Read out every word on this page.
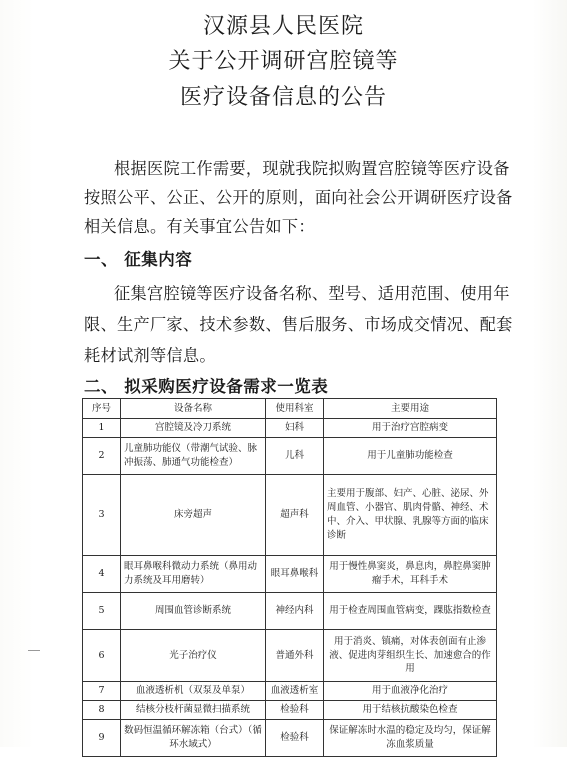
汉源县人民医院
关于公开调研宫腔镜等
医疗设备信息的公告
根据医院工作需要，现就我院拟购置宫腔镜等医疗设备
按照公平、公正、公开的原则，面向社会公开调研医疗设备
相关信息。有关事宜公告如下：
一、 征集内容
征集宫腔镜等医疗设备名称、型号、适用范围、使用年
限、生产厂家、技术参数、售后服务、市场成交情况、配套
耗材试剂等信息。
二、 拟采购医疗设备需求一览表
序号	设备名称	使用科室	主要用途
1	宫腔镜及冷刀系统	妇科	用于治疗宫腔病变
2	儿童肺功能仪（带潮气试验、脉冲振荡、肺通气功能检查）	儿科	用于儿童肺功能检查
3	床旁超声	超声科	主要用于腹部、妇产、心脏、泌尿、外周血管、小器官、肌肉骨骼、神经、术中、介入、甲状腺、乳腺等方面的临床诊断
4	眼耳鼻喉科微动力系统（鼻用动力系统及耳用磨转）	眼耳鼻喉科	用于慢性鼻窦炎，鼻息肉，鼻腔鼻窦肿瘤手术，耳科手术
5	周围血管诊断系统	神经内科	用于检查周围血管病变，踝肱指数检查
6	光子治疗仪	普通外科	用于消炎、镇痛，对体表创面有止渗液、促进肉芽组织生长、加速愈合的作用
7	血液透析机（双泵及单泵）	血液透析室	用于血液净化治疗
8	结核分枝杆菌显微扫描系统	检验科	用于结核抗酸染色检查
9	数码恒温循环解冻箱（台式）（循环水域式）	检验科	保证解冻时水温的稳定及均匀，保证解冻血浆质量
